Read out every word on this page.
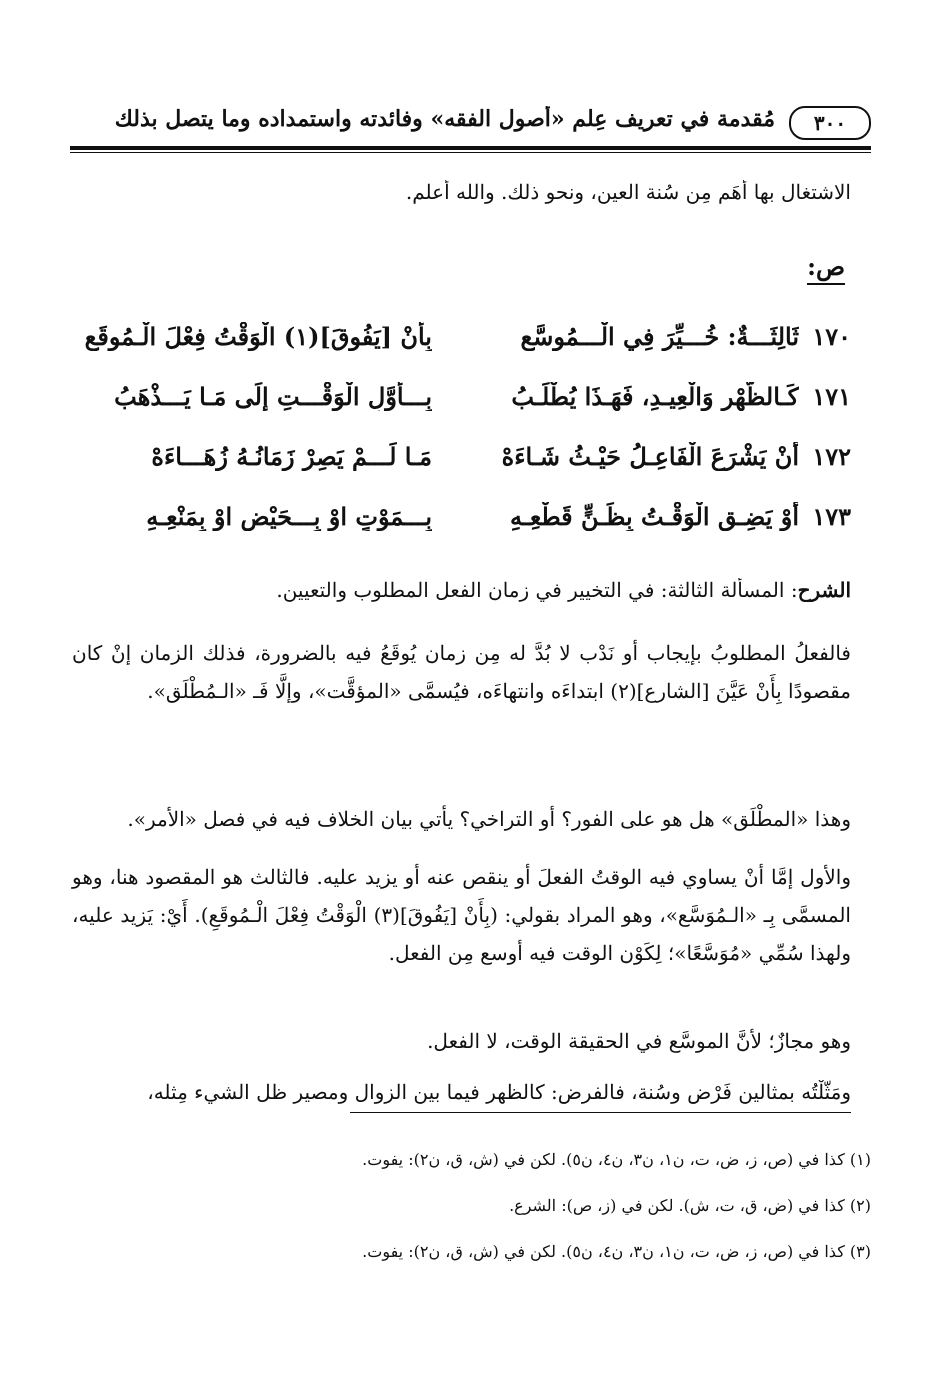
٣٠٠
مُقدمة في تعريف عِلم «أصول الفقه» وفائدته واستمداده وما يتصل بذلك
الاشتغال بها أَهَم مِن سُنة العين، ونحو ذلك. والله أعلم.
ص:
١٧٠
ثَالِثَـــةٌ: خُـــيِّرَ فِي الْـــمُوسَّعِ
بِأَنْ [يَفُوقَ](١) الْوَقْتُ فِعْلَ الْـمُوقَعِ
١٧١
كَـالظُّهْرِ وَالْعِيـدِ، فَهَـذَا يُطْلَـبُ
بِـــأَوَّلِ الْوَقْـــتِ إِلَى مَـا يَـــذْهَبُ
١٧٢
أَنْ يَشْرَعَ الْفَاعِـلُ حَيْـثُ شَـاءَهْ
مَـا لَـــمْ يَصِرْ زَمَانُـهُ زُهَـــاءَهْ
١٧٣
أَوْ يَضِـقِ الْوَقْـتُ بِظَـنٍّ قَطْعِـهِ
بِـــمَوْتٍ اوْ بِـــحَيْضٍ اوْ بِمَنْعِـهِ
الشرح: المسألة الثالثة: في التخيير في زمان الفعل المطلوب والتعيين.
فالفعلُ المطلوبُ بإيجاب أو نَدْب لا بُدَّ له مِن زمان يُوقَعُ فيه بالضرورة، فذلك الزمان إنْ كان مقصودًا بِأَنْ عَيَّنَ [الشارع](٢) ابتداءَه وانتهاءَه، فيُسمَّى «المؤقَّت»، وإلَّا فَـ «الـمُطْلَق».
وهذا «المطْلَق» هل هو على الفور؟ أو التراخي؟ يأتي بيان الخلاف فيه في فصل «الأمر».
والأول إمَّا أنْ يساوي فيه الوقتُ الفعلَ أو ينقص عنه أو يزيد عليه. فالثالث هو المقصود هنا، وهو المسمَّى بِـ «الـمُوَسَّع»، وهو المراد بقولي: (بِأَنْ [يَفُوقَ](٣) الْوَقْتُ فِعْلَ الْـمُوقَعِ). أَيْ: يَزيد عليه، ولهذا سُمِّي «مُوَسَّعًا»؛ لِكَوْن الوقت فيه أوسع مِن الفعل.
وهو مجازٌ؛ لأنَّ الموسَّع في الحقيقة الوقت، لا الفعل.
ومَثَّلْتُه بمثالين فَرْض وسُنة، فالفرض: كالظهر فيما بين الزوال ومصير ظل الشيء مِثله،
(١) كذا في (ص، ز، ض، ت، ن١، ن٣، ن٤، ن٥). لكن في (ش، ق، ن٢): يفوت.
(٢) كذا في (ض، ق، ت، ش). لكن في (ز، ص): الشرع.
(٣) كذا في (ص، ز، ض، ت، ن١، ن٣، ن٤، ن٥). لكن في (ش، ق، ن٢): يفوت.
